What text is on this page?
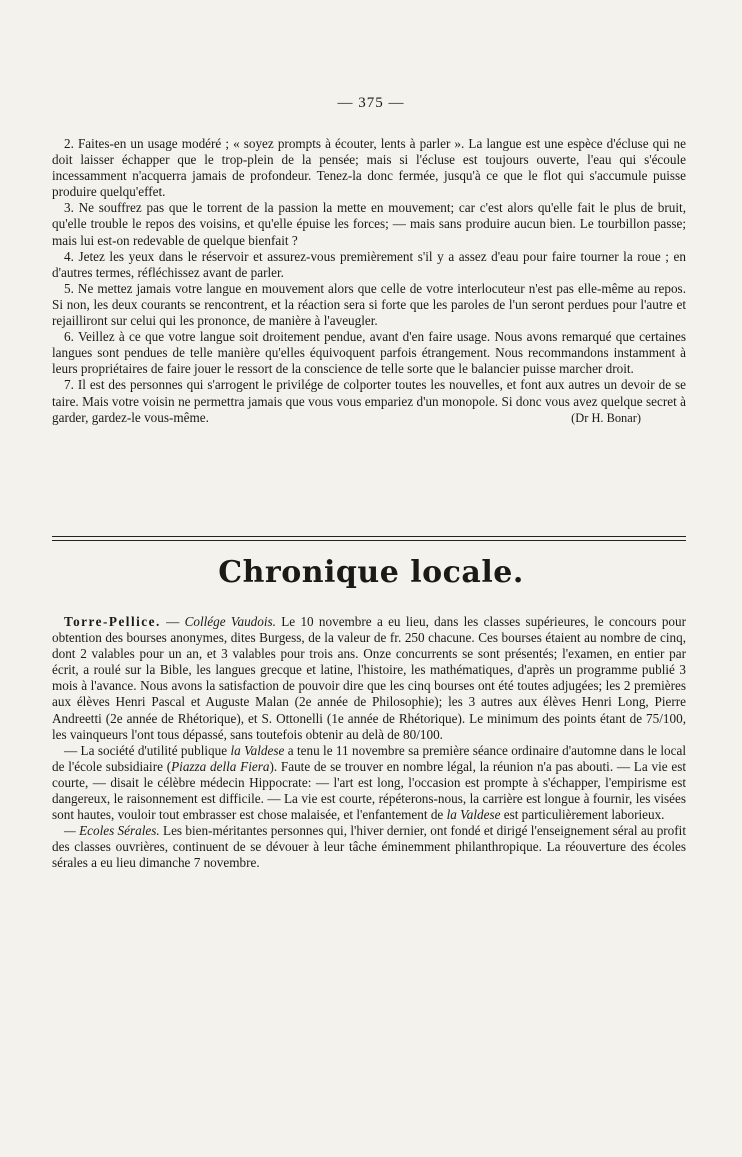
— 375 —

2. Faites-en un usage modéré ; « soyez prompts à écouter, lents à parler ». La langue est une espèce d'écluse qui ne doit laisser échapper que le trop-plein de la pensée; mais si l'écluse est toujours ouverte, l'eau qui s'écoule incessamment n'acquerra jamais de profondeur. Tenez-la donc fermée, jusqu'à ce que le flot qui s'accumule puisse produire quelqu'effet.

3. Ne souffrez pas que le torrent de la passion la mette en mouvement; car c'est alors qu'elle fait le plus de bruit, qu'elle trouble le repos des voisins, et qu'elle épuise les forces; — mais sans produire aucun bien. Le tourbillon passe; mais lui est-on redevable de quelque bienfait ?

4. Jetez les yeux dans le réservoir et assurez-vous premièrement s'il y a assez d'eau pour faire tourner la roue ; en d'autres termes, réfléchissez avant de parler.

5. Ne mettez jamais votre langue en mouvement alors que celle de votre interlocuteur n'est pas elle-même au repos. Si non, les deux courants se rencontrent, et la réaction sera si forte que les paroles de l'un seront perdues pour l'autre et rejailliront sur celui qui les prononce, de manière à l'aveugler.

6. Veillez à ce que votre langue soit droitement pendue, avant d'en faire usage. Nous avons remarqué que certaines langues sont pendues de telle manière qu'elles équivoquent parfois étrangement. Nous recommandons instamment à leurs propriétaires de faire jouer le ressort de la conscience de telle sorte que le balancier puisse marcher droit.

7. Il est des personnes qui s'arrogent le privilége de colporter toutes les nouvelles, et font aux autres un devoir de se taire. Mais votre voisin ne permettra jamais que vous vous empariez d'un monopole. Si donc vous avez quelque secret à garder, gardez-le vous-même.	(Dr H. Bonar)

Chronique locale.

Torre-Pellice. — Collége Vaudois. Le 10 novembre a eu lieu, dans les classes supérieures, le concours pour obtention des bourses anonymes, dites Burgess, de la valeur de fr. 250 chacune. Ces bourses étaient au nombre de cinq, dont 2 valables pour un an, et 3 valables pour trois ans. Onze concurrents se sont présentés; l'examen, en entier par écrit, a roulé sur la Bible, les langues grecque et latine, l'histoire, les mathématiques, d'après un programme publié 3 mois à l'avance. Nous avons la satisfaction de pouvoir dire que les cinq bourses ont été toutes adjugées; les 2 premières aux élèves Henri Pascal et Auguste Malan (2e année de Philosophie); les 3 autres aux élèves Henri Long, Pierre Andreetti (2e année de Rhétorique), et S. Ottonelli (1e année de Rhétorique). Le minimum des points étant de 75/100, les vainqueurs l'ont tous dépassé, sans toutefois obtenir au delà de 80/100.

— La société d'utilité publique la Valdese a tenu le 11 novembre sa première séance ordinaire d'automne dans le local de l'école subsidiaire (Piazza della Fiera). Faute de se trouver en nombre légal, la réunion n'a pas abouti. — La vie est courte, — disait le célèbre médecin Hippocrate: — l'art est long, l'occasion est prompte à s'échapper, l'empirisme est dangereux, le raisonnement est difficile. — La vie est courte, répéterons-nous, la carrière est longue à fournir, les visées sont hautes, vouloir tout embrasser est chose malaisée, et l'enfantement de la Valdese est particulièrement laborieux.

— Ecoles Sérales. Les bien-méritantes personnes qui, l'hiver dernier, ont fondé et dirigé l'enseignement séral au profit des classes ouvrières, continuent de se dévouer à leur tâche éminemment philanthropique. La réouverture des écoles sérales a eu lieu dimanche 7 novembre.
